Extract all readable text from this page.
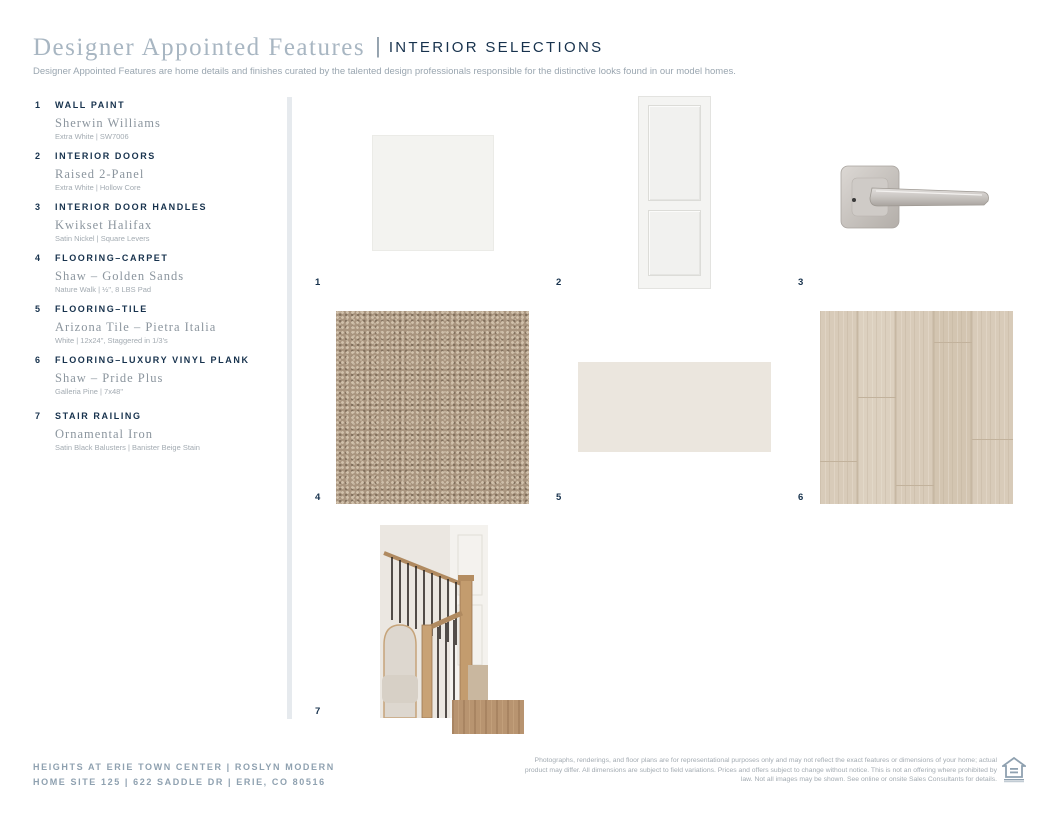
Designer Appointed Features | INTERIOR SELECTIONS
Designer Appointed Features are home details and finishes curated by the talented design professionals responsible for the distinctive looks found in our model homes.
1 WALL PAINT
Sherwin Williams
Extra White | SW7006
2 INTERIOR DOORS
Raised 2-Panel
Extra White | Hollow Core
3 INTERIOR DOOR HANDLES
Kwikset Halifax
Satin Nickel | Square Levers
4 FLOORING–CARPET
Shaw – Golden Sands
Nature Walk | ½", 8 LBS Pad
5 FLOORING–TILE
Arizona Tile – Pietra Italia
White | 12x24", Staggered in 1/3's
6 FLOORING–LUXURY VINYL PLANK
Shaw – Pride Plus
Galleria Pine | 7x48"
7 STAIR RAILING
Ornamental Iron
Satin Black Balusters | Banister Beige Stain
1	2	3
4	5	6
7
HEIGHTS AT ERIE TOWN CENTER | ROSLYN MODERN
HOME SITE 125 | 622 SADDLE DR | ERIE, CO 80516
Photographs, renderings, and floor plans are for representational purposes only and may not reflect the exact features or dimensions of your home; actual product may differ. All dimensions are subject to field variations. Prices and offers subject to change without notice. This is not an offering where prohibited by law. Not all images may be shown. See online or onsite Sales Consultants for details.
